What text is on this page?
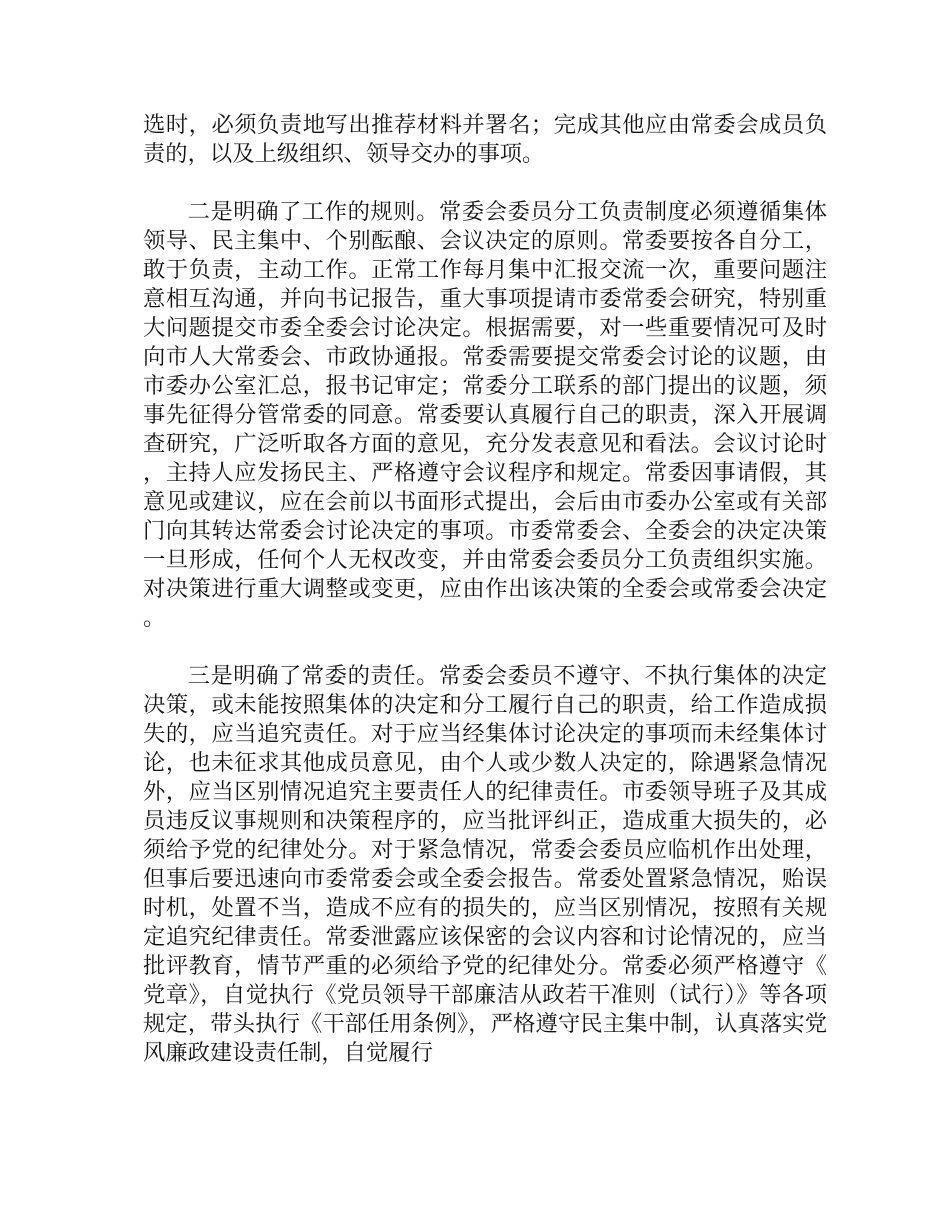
选时，必须负责地写出推荐材料并署名；完成其他应由常委会成员负责的，以及上级组织、领导交办的事项。

二是明确了工作的规则。常委会委员分工负责制度必须遵循集体领导、民主集中、个别酝酿、会议决定的原则。常委要按各自分工，敢于负责，主动工作。正常工作每月集中汇报交流一次，重要问题注意相互沟通，并向书记报告，重大事项提请市委常委会研究，特别重大问题提交市委全委会讨论决定。根据需要，对一些重要情况可及时向市人大常委会、市政协通报。常委需要提交常委会讨论的议题，由市委办公室汇总，报书记审定；常委分工联系的部门提出的议题，须事先征得分管常委的同意。常委要认真履行自己的职责，深入开展调查研究，广泛听取各方面的意见，充分发表意见和看法。会议讨论时，主持人应发扬民主、严格遵守会议程序和规定。常委因事请假，其意见或建议，应在会前以书面形式提出，会后由市委办公室或有关部门向其转达常委会讨论决定的事项。市委常委会、全委会的决定决策一旦形成，任何个人无权改变，并由常委会委员分工负责组织实施。对决策进行重大调整或变更，应由作出该决策的全委会或常委会决定。

三是明确了常委的责任。常委会委员不遵守、不执行集体的决定决策，或未能按照集体的决定和分工履行自己的职责，给工作造成损失的，应当追究责任。对于应当经集体讨论决定的事项而未经集体讨论，也未征求其他成员意见，由个人或少数人决定的，除遇紧急情况外，应当区别情况追究主要责任人的纪律责任。市委领导班子及其成员违反议事规则和决策程序的，应当批评纠正，造成重大损失的，必须给予党的纪律处分。对于紧急情况，常委会委员应临机作出处理，但事后要迅速向市委常委会或全委会报告。常委处置紧急情况，贻误时机，处置不当，造成不应有的损失的，应当区别情况，按照有关规定追究纪律责任。常委泄露应该保密的会议内容和讨论情况的，应当批评教育，情节严重的必须给予党的纪律处分。常委必须严格遵守《党章》，自觉执行《党员领导干部廉洁从政若干准则（试行）》等各项规定，带头执行《干部任用条例》，严格遵守民主集中制，认真落实党风廉政建设责任制，自觉履行
